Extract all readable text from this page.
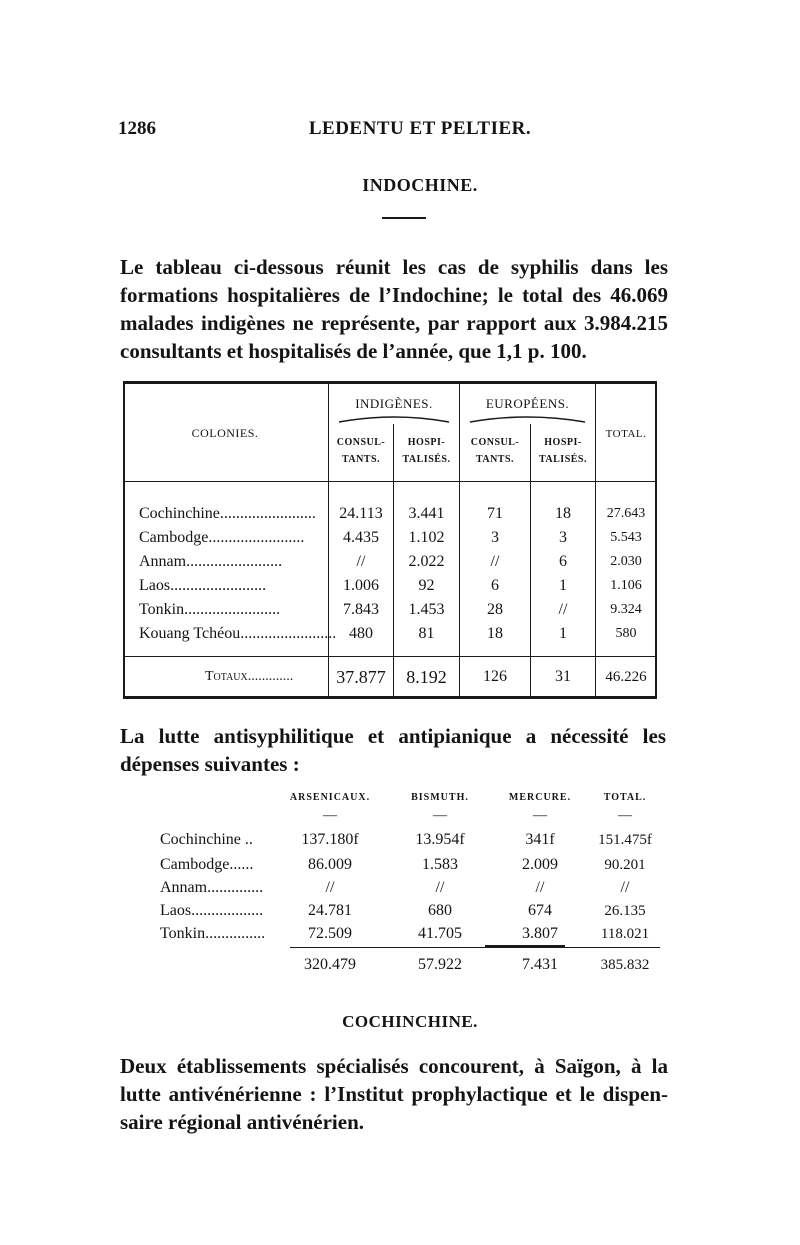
1286	LEDENTU ET PELTIER.
INDOCHINE.
Le tableau ci-dessous réunit les cas de syphilis dans les
formations hospitalières de l’Indochine; le total des 46.069
malades indigènes ne représente, par rapport aux 3.984.215
consultants et hospitalisés de l’année, que 1,1 p. 100.
COLONIES.
INDIGÈNES.	EUROPÉENS.
TOTAL.
CONSUL-
TANTS.
HOSPI-
TALISÉS.
CONSUL-
TANTS.
HOSPI-
TALISÉS.
Cochinchine........................	24.113	3.441	71	18	27.643
Cambodge........................	4.435	1.102	3	3	5.543
Annam........................	//	2.022	//	6	2.030
Laos........................	1.006	92	6	1	1.106
Tonkin........................	7.843	1.453	28	//	9.324
Kouang Tchéou........................ 480	81	18	1	580
Totaux.............	37.877	8.192	126	31	46.226
La lutte antisyphilitique et antipianique a nécessité les
dépenses suivantes :
ARSENICAUX.	BISMUTH.	MERCURE.	TOTAL.
—	—	—	—
Cochinchine ..	137.180f	13.954f	341f	151.475f
Cambodge......	86.009	1.583	2.009	90.201
Annam..............	//	//	//	//
Laos..................	24.781	680	674	26.135
Tonkin...............	72.509	41.705	3.807	118.021
320.479	57.922	7.431	385.832
COCHINCHINE.
Deux établissements spécialisés concourent, à Saïgon, à la
lutte antivénérienne : l’Institut prophylactique et le dispen-
saire régional antivénérien.
